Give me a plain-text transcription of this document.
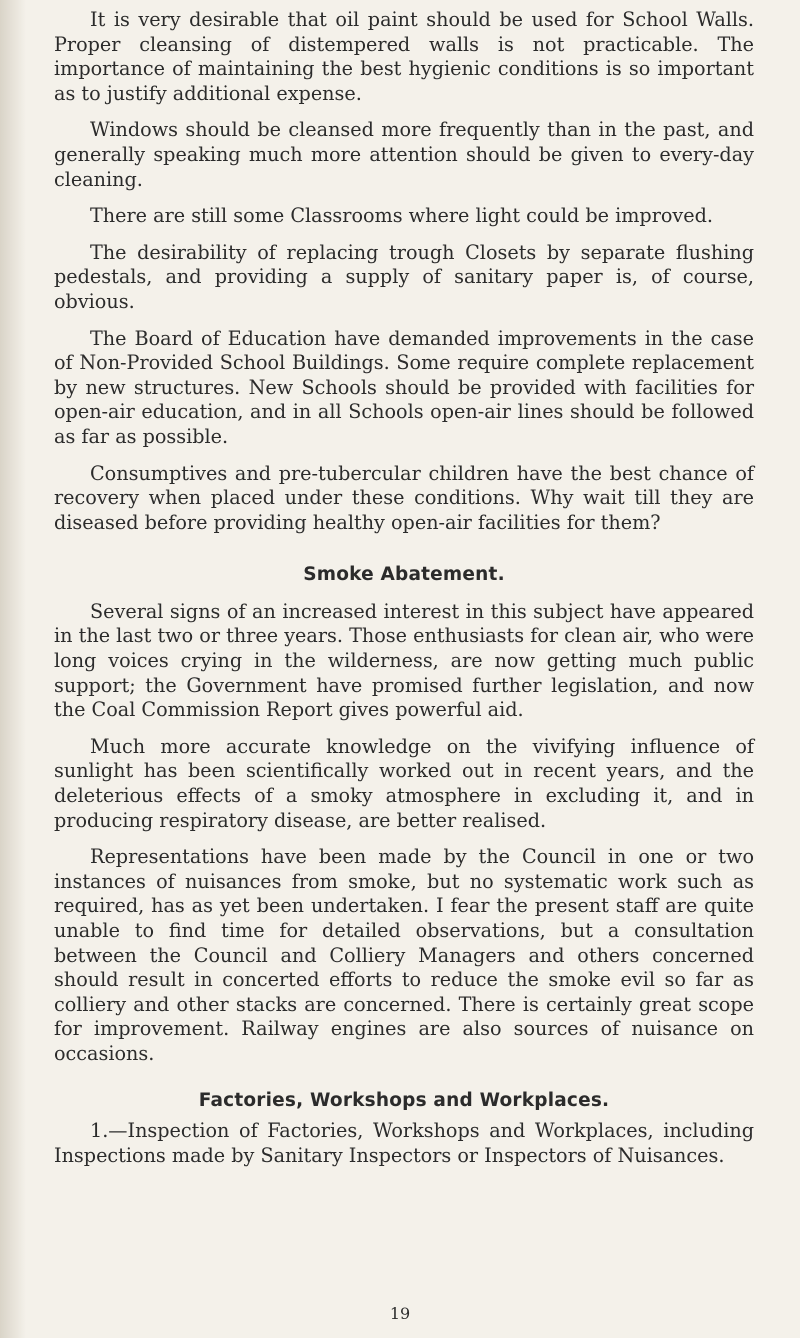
It is very desirable that oil paint should be used for School Walls. Proper cleansing of distempered walls is not practicable. The importance of maintaining the best hygienic conditions is so important as to justify additional expense.

Windows should be cleansed more frequently than in the past, and generally speaking much more attention should be given to every-day cleaning.

There are still some Classrooms where light could be improved.

The desirability of replacing trough Closets by separate flushing pedestals, and providing a supply of sanitary paper is, of course, obvious.

The Board of Education have demanded improvements in the case of Non-Provided School Buildings. Some require complete replacement by new structures. New Schools should be provided with facilities for open-air education, and in all Schools open-air lines should be followed as far as possible.

Consumptives and pre-tubercular children have the best chance of recovery when placed under these conditions. Why wait till they are diseased before providing healthy open-air facilities for them?

Smoke Abatement.

Several signs of an increased interest in this subject have appeared in the last two or three years. Those enthusiasts for clean air, who were long voices crying in the wilderness, are now getting much public support; the Government have promised further legislation, and now the Coal Commission Report gives powerful aid.

Much more accurate knowledge on the vivifying influence of sunlight has been scientifically worked out in recent years, and the deleterious effects of a smoky atmosphere in excluding it, and in producing respiratory disease, are better realised.

Representations have been made by the Council in one or two instances of nuisances from smoke, but no systematic work such as required, has as yet been undertaken. I fear the present staff are quite unable to find time for detailed observations, but a consultation between the Council and Colliery Managers and others concerned should result in concerted efforts to reduce the smoke evil so far as colliery and other stacks are concerned. There is certainly great scope for improvement. Railway engines are also sources of nuisance on occasions.

Factories, Workshops and Workplaces.

1.—Inspection of Factories, Workshops and Workplaces, including Inspections made by Sanitary Inspectors or Inspectors of Nuisances.

19
